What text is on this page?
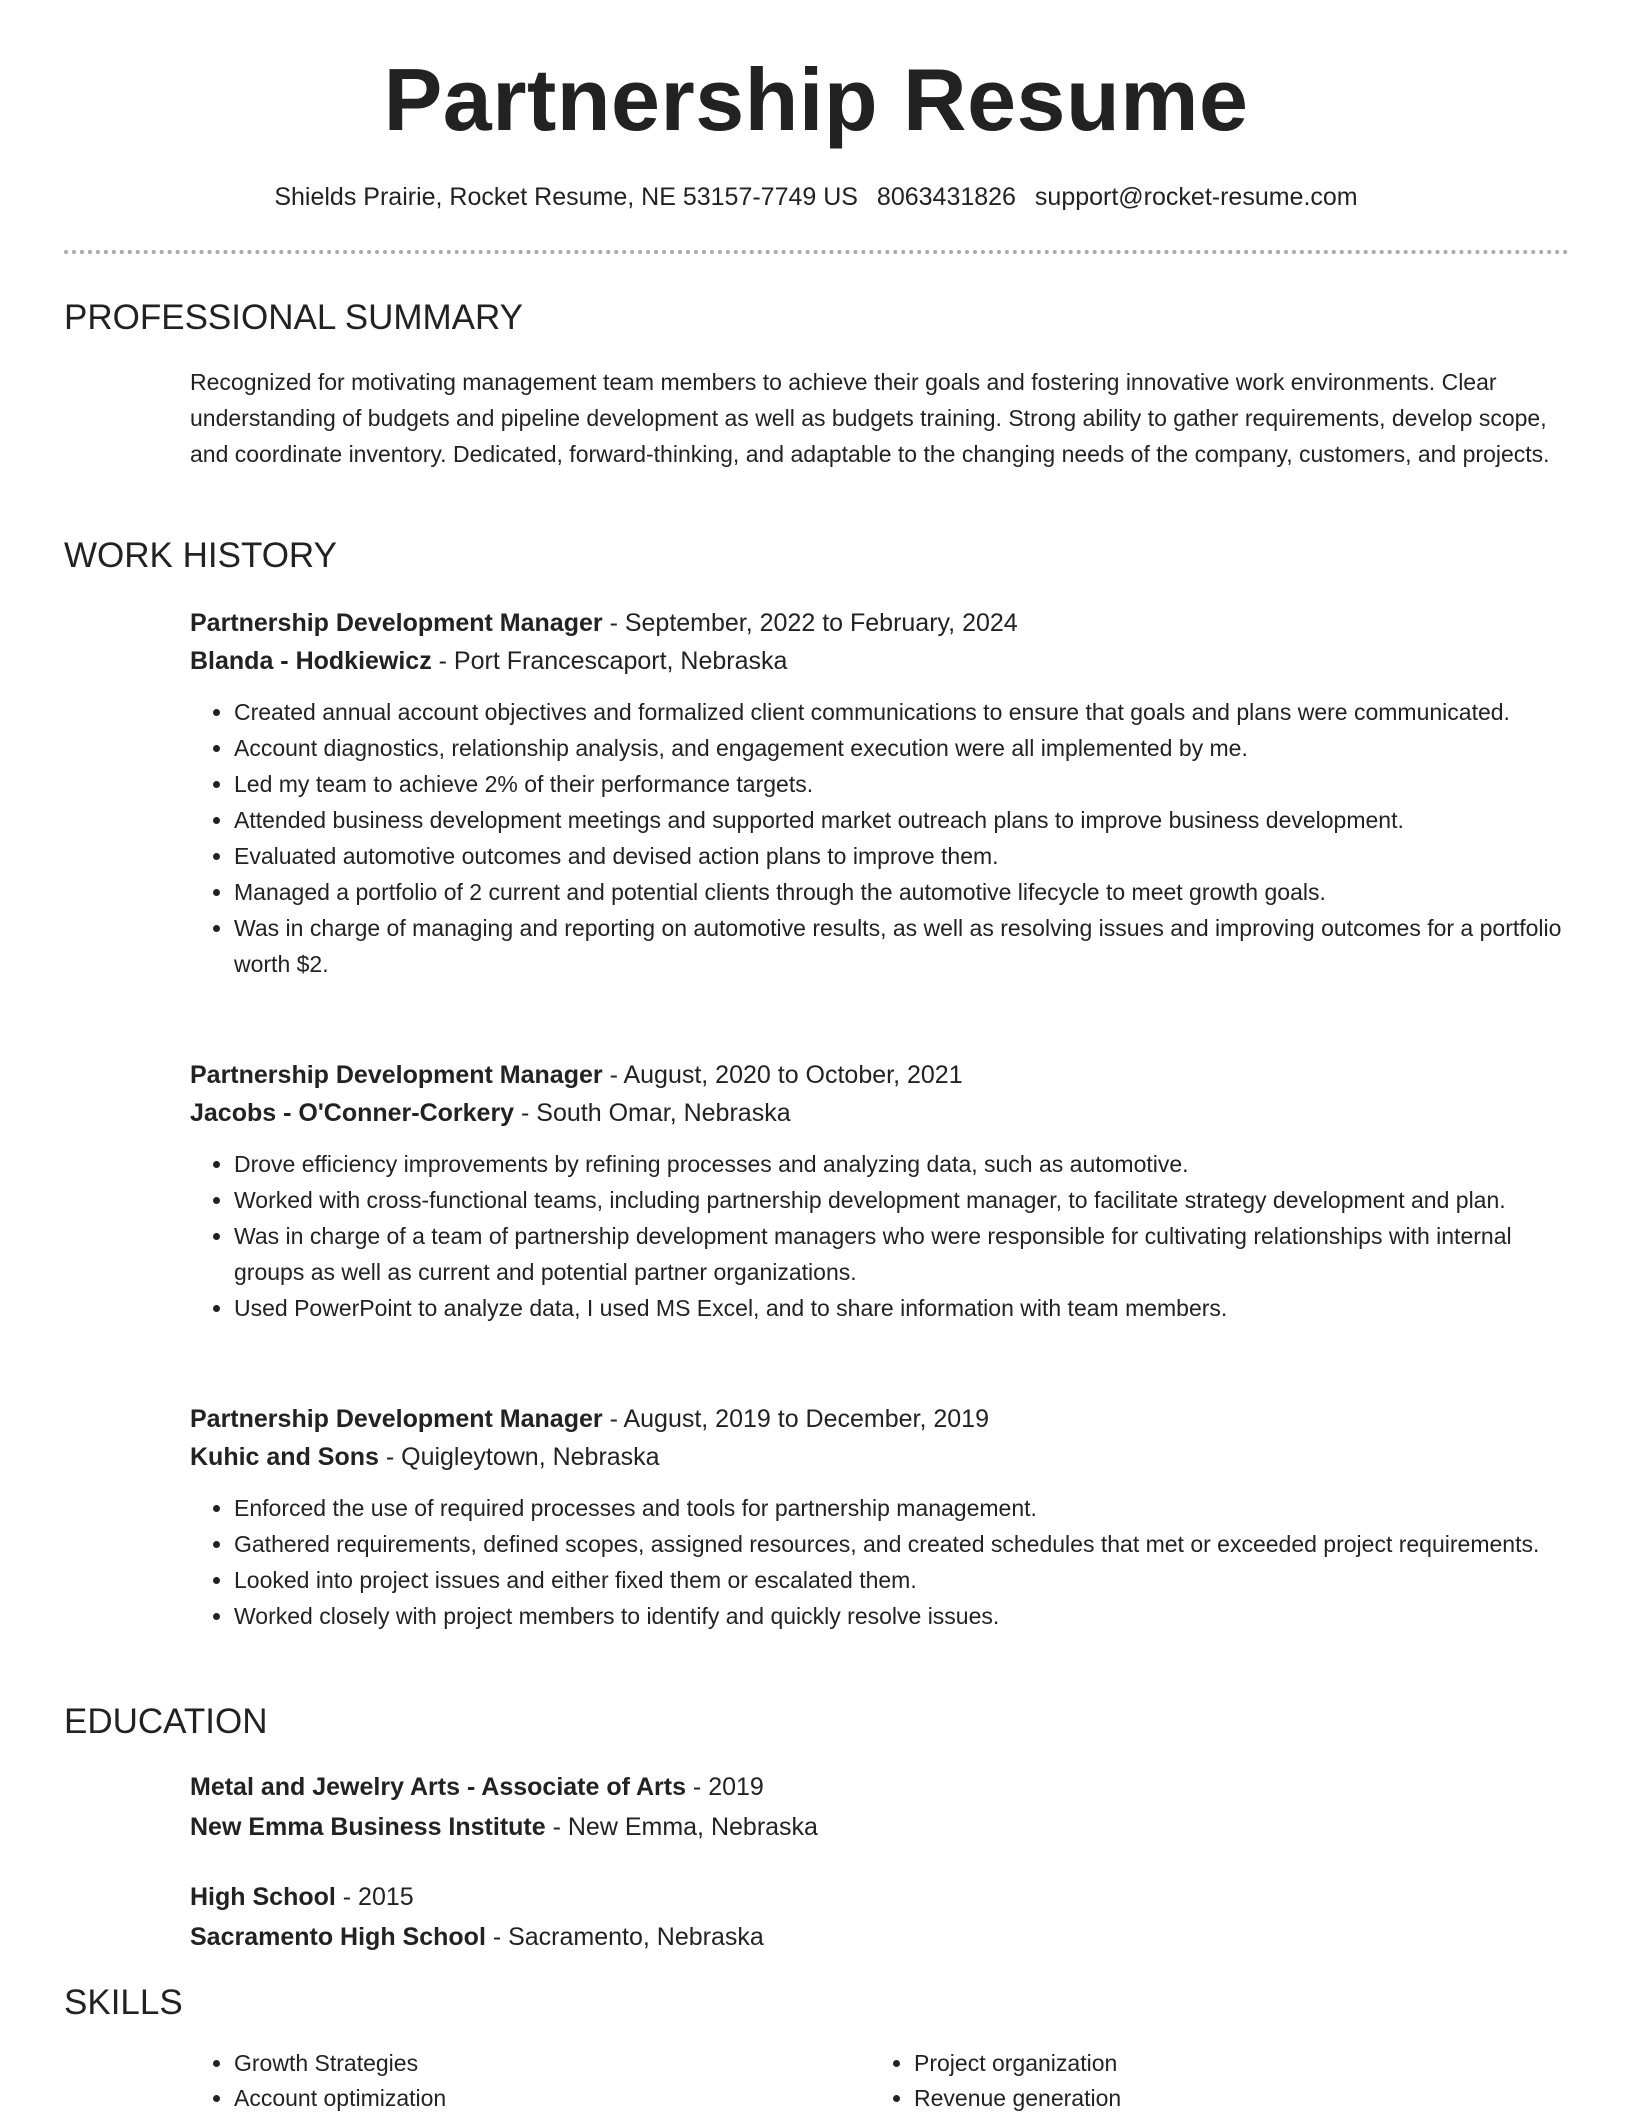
Partnership Resume
Shields Prairie, Rocket Resume, NE 53157-7749 US 8063431826 support@rocket-resume.com
PROFESSIONAL SUMMARY

Recognized for motivating management team members to achieve their goals and fostering innovative work environments. Clear understanding of budgets and pipeline development as well as budgets training. Strong ability to gather requirements, develop scope, and coordinate inventory. Dedicated, forward-thinking, and adaptable to the changing needs of the company, customers, and projects.

WORK HISTORY
Partnership Development Manager - September, 2022 to February, 2024
Blanda - Hodkiewicz - Port Francescaport, Nebraska
• Created annual account objectives and formalized client communications to ensure that goals and plans were communicated.
• Account diagnostics, relationship analysis, and engagement execution were all implemented by me.
• Led my team to achieve 2% of their performance targets.
• Attended business development meetings and supported market outreach plans to improve business development.
• Evaluated automotive outcomes and devised action plans to improve them.
• Managed a portfolio of 2 current and potential clients through the automotive lifecycle to meet growth goals.
• Was in charge of managing and reporting on automotive results, as well as resolving issues and improving outcomes for a portfolio worth $2.
Partnership Development Manager - August, 2020 to October, 2021
Jacobs - O'Conner-Corkery - South Omar, Nebraska
• Drove efficiency improvements by refining processes and analyzing data, such as automotive.
• Worked with cross-functional teams, including partnership development manager, to facilitate strategy development and plan.
• Was in charge of a team of partnership development managers who were responsible for cultivating relationships with internal groups as well as current and potential partner organizations.
• Used PowerPoint to analyze data, I used MS Excel, and to share information with team members.
Partnership Development Manager - August, 2019 to December, 2019
Kuhic and Sons - Quigleytown, Nebraska
• Enforced the use of required processes and tools for partnership management.
• Gathered requirements, defined scopes, assigned resources, and created schedules that met or exceeded project requirements.
• Looked into project issues and either fixed them or escalated them.
• Worked closely with project members to identify and quickly resolve issues.
EDUCATION
Metal and Jewelry Arts - Associate of Arts - 2019
New Emma Business Institute - New Emma, Nebraska
High School - 2015
Sacramento High School - Sacramento, Nebraska
SKILLS
• Growth Strategies	• Project organization
• Account optimization	• Revenue generation
